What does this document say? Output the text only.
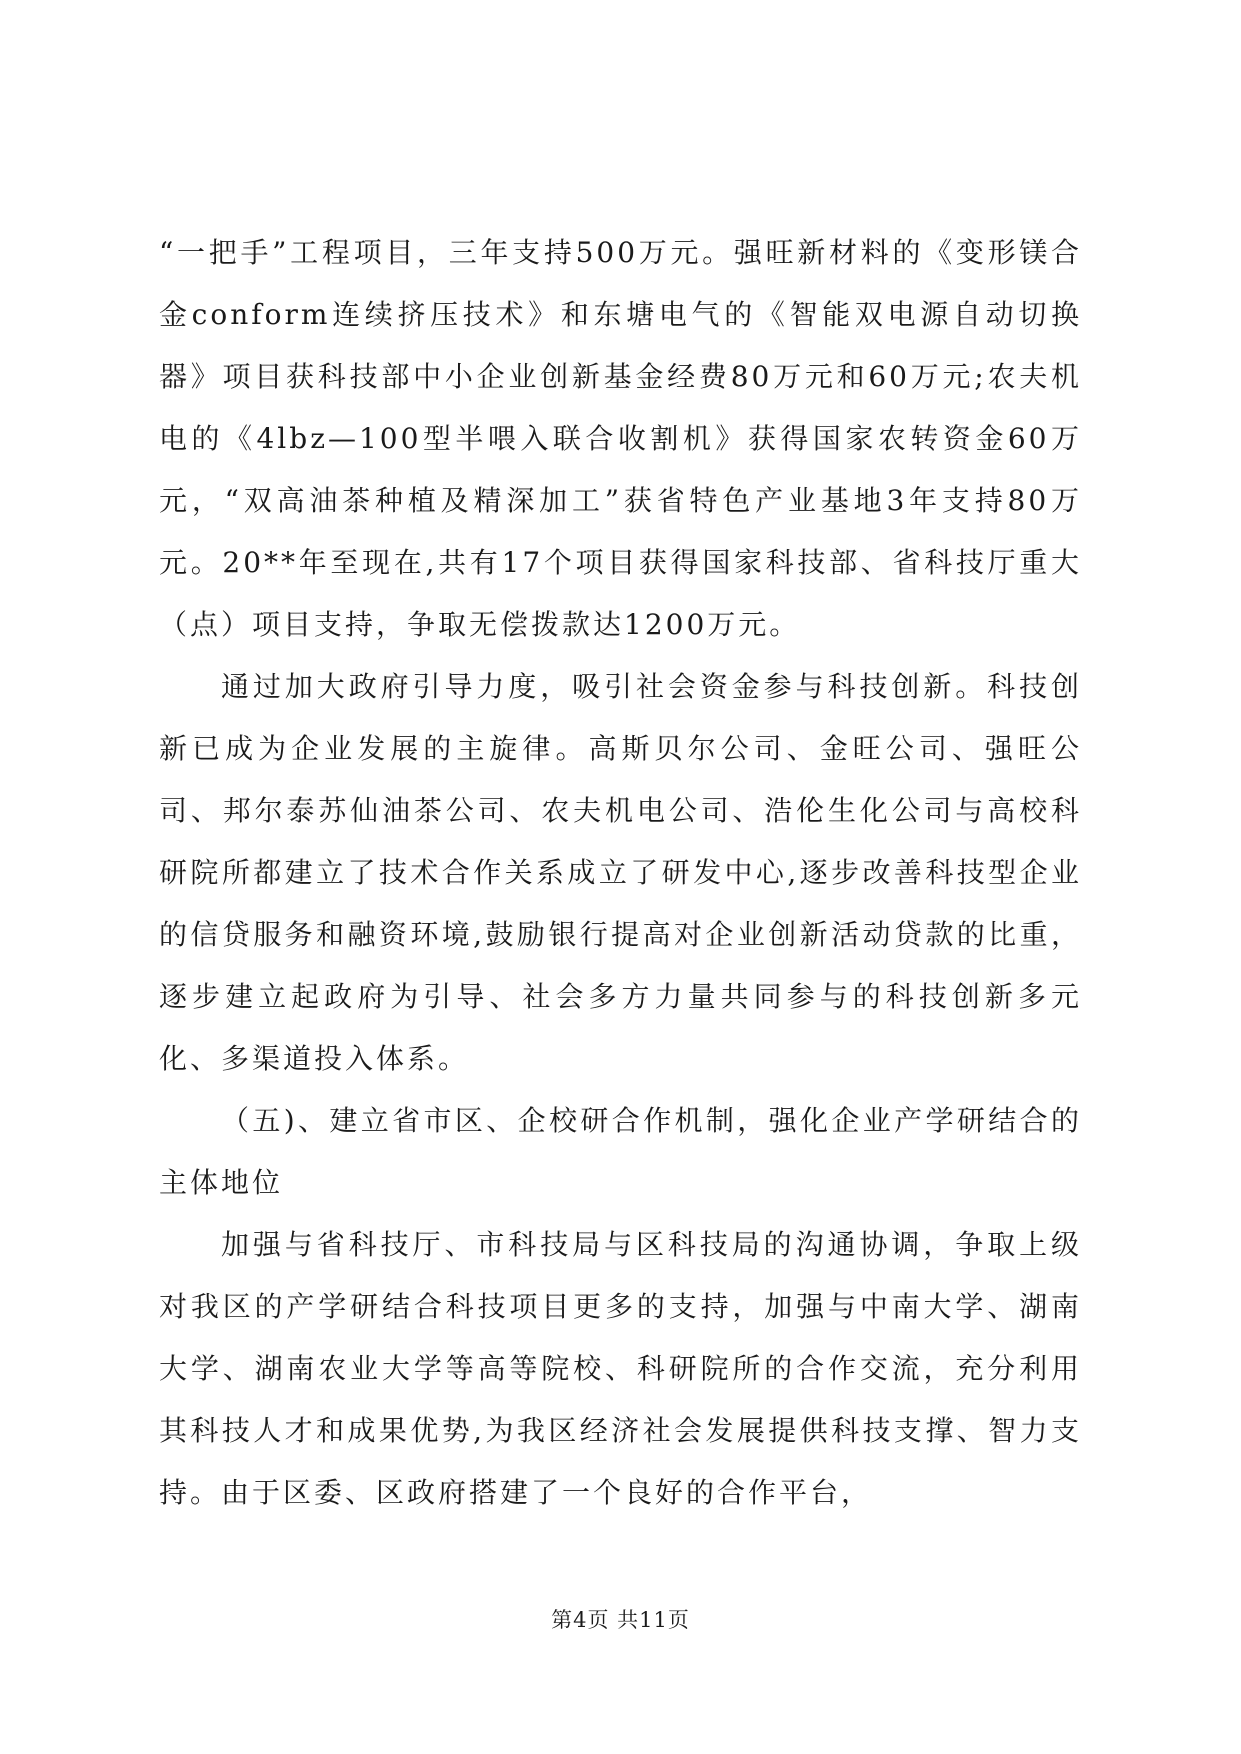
“一把手”工程项目，三年支持500万元。强旺新材料的《变形镁合金conform连续挤压技术》和东塘电气的《智能双电源自动切换器》项目获科技部中小企业创新基金经费80万元和60万元;农夫机电的《4lbz—100型半喂入联合收割机》获得国家农转资金60万元，“双高油茶种植及精深加工”获省特色产业基地3年支持80万元。20**年至现在,共有17个项目获得国家科技部、省科技厅重大（点）项目支持，争取无偿拨款达1200万元。

通过加大政府引导力度，吸引社会资金参与科技创新。科技创新已成为企业发展的主旋律。高斯贝尔公司、金旺公司、强旺公司、邦尔泰苏仙油茶公司、农夫机电公司、浩伦生化公司与高校科研院所都建立了技术合作关系成立了研发中心,逐步改善科技型企业的信贷服务和融资环境,鼓励银行提高对企业创新活动贷款的比重，逐步建立起政府为引导、社会多方力量共同参与的科技创新多元化、多渠道投入体系。

（五)、建立省市区、企校研合作机制，强化企业产学研结合的主体地位

加强与省科技厅、市科技局与区科技局的沟通协调，争取上级对我区的产学研结合科技项目更多的支持，加强与中南大学、湖南大学、湖南农业大学等高等院校、科研院所的合作交流，充分利用其科技人才和成果优势,为我区经济社会发展提供科技支撑、智力支持。由于区委、区政府搭建了一个良好的合作平台，

第4页 共11页
